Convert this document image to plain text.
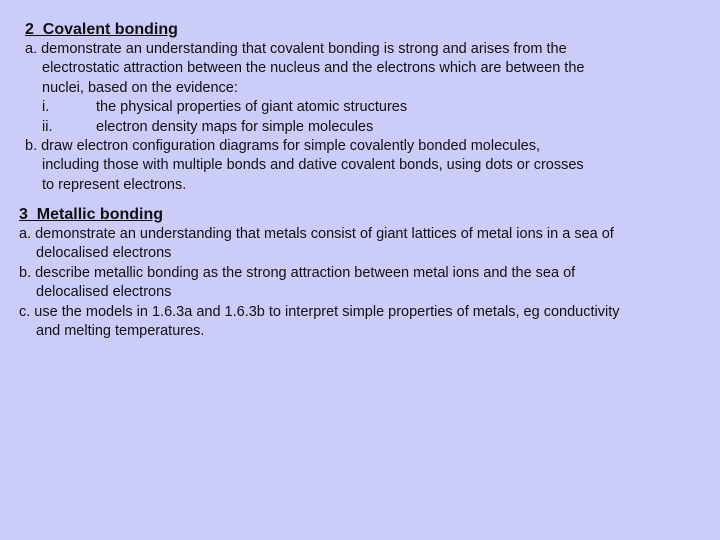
2  Covalent bonding
a. demonstrate an understanding that covalent bonding is strong and arises from the
electrostatic attraction between the nucleus and the electrons which are between the
nuclei, based on the evidence:
i.	the physical properties of giant atomic structures
ii.	electron density maps for simple molecules
b. draw electron configuration diagrams for simple covalently bonded molecules,
including those with multiple bonds and dative covalent bonds, using dots or crosses
to represent electrons.
3  Metallic bonding
a. demonstrate an understanding that metals consist of giant lattices of metal ions in a sea of
delocalised electrons
b. describe metallic bonding as the strong attraction between metal ions and the sea of
delocalised electrons
c. use the models in 1.6.3a and 1.6.3b to interpret simple properties of metals, eg conductivity
and melting temperatures.
